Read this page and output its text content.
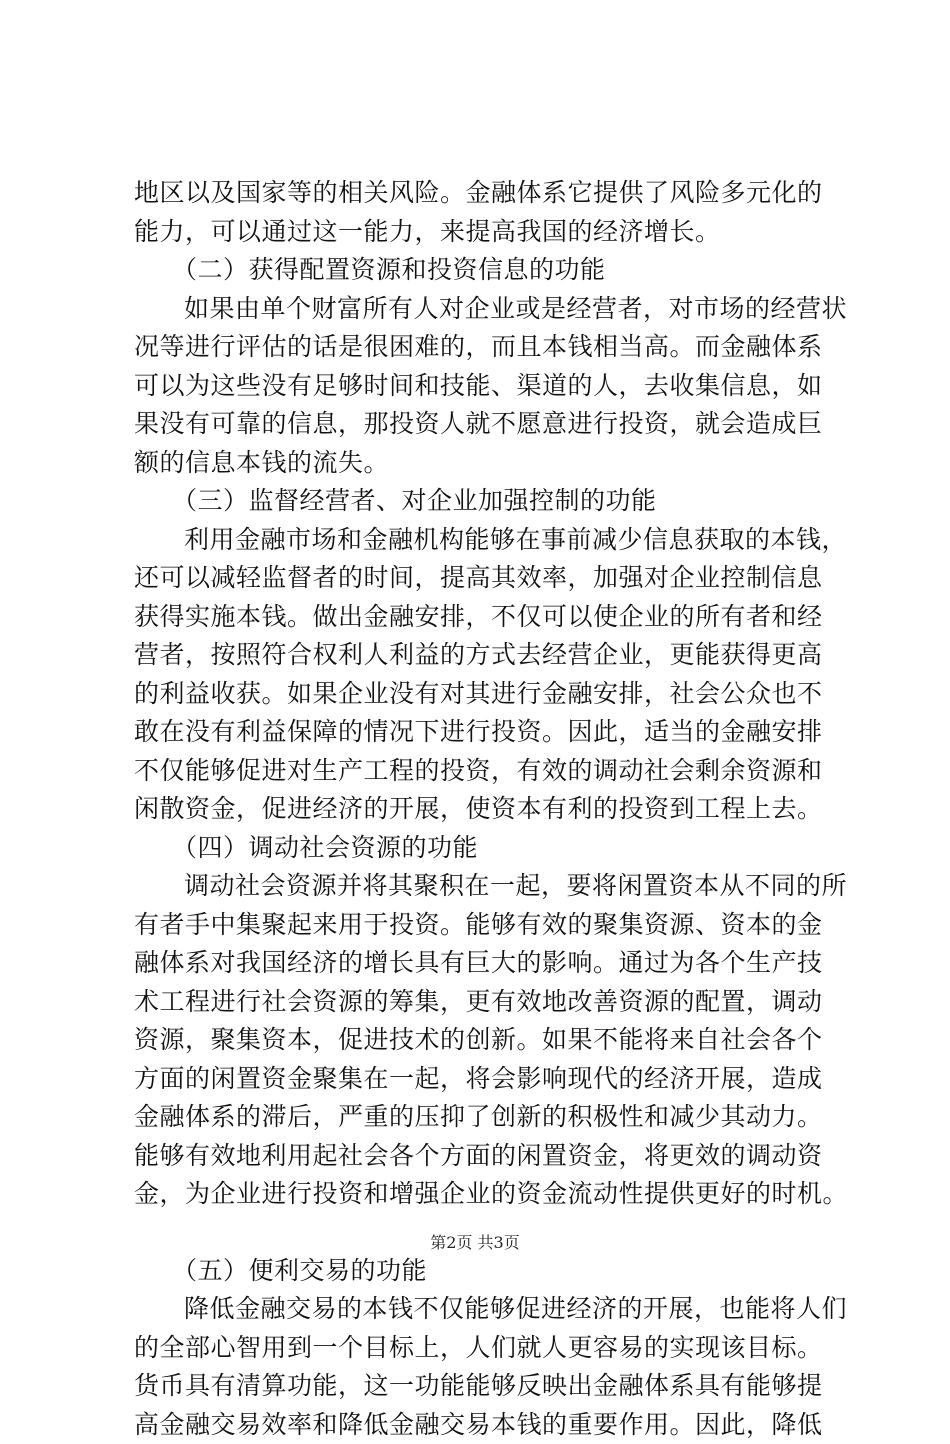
地区以及国家等的相关风险。金融体系它提供了风险多元化的
能力，可以通过这一能力，来提高我国的经济增长。
（二）获得配置资源和投资信息的功能
如果由单个财富所有人对企业或是经营者，对市场的经营状
况等进行评估的话是很困难的，而且本钱相当高。而金融体系
可以为这些没有足够时间和技能、渠道的人，去收集信息，如
果没有可靠的信息，那投资人就不愿意进行投资，就会造成巨
额的信息本钱的流失。
（三）监督经营者、对企业加强控制的功能
利用金融市场和金融机构能够在事前减少信息获取的本钱，
还可以减轻监督者的时间，提高其效率，加强对企业控制信息
获得实施本钱。做出金融安排，不仅可以使企业的所有者和经
营者，按照符合权利人利益的方式去经营企业，更能获得更高
的利益收获。如果企业没有对其进行金融安排，社会公众也不
敢在没有利益保障的情况下进行投资。因此，适当的金融安排
不仅能够促进对生产工程的投资，有效的调动社会剩余资源和
闲散资金，促进经济的开展，使资本有利的投资到工程上去。
（四）调动社会资源的功能
调动社会资源并将其聚积在一起，要将闲置资本从不同的所
有者手中集聚起来用于投资。能够有效的聚集资源、资本的金
融体系对我国经济的增长具有巨大的影响。通过为各个生产技
术工程进行社会资源的筹集，更有效地改善资源的配置，调动
资源，聚集资本，促进技术的创新。如果不能将来自社会各个
方面的闲置资金聚集在一起，将会影响现代的经济开展，造成
金融体系的滞后，严重的压抑了创新的积极性和减少其动力。
能够有效地利用起社会各个方面的闲置资金，将更效的调动资
金，为企业进行投资和增强企业的资金流动性提供更好的时机。
（五）便利交易的功能
降低金融交易的本钱不仅能够促进经济的开展，也能将人们
的全部心智用到一个目标上，人们就人更容易的实现该目标。
货币具有清算功能，这一功能能够反映出金融体系具有能够提
高金融交易效率和降低金融交易本钱的重要作用。因此，降低
第2页 共3页
